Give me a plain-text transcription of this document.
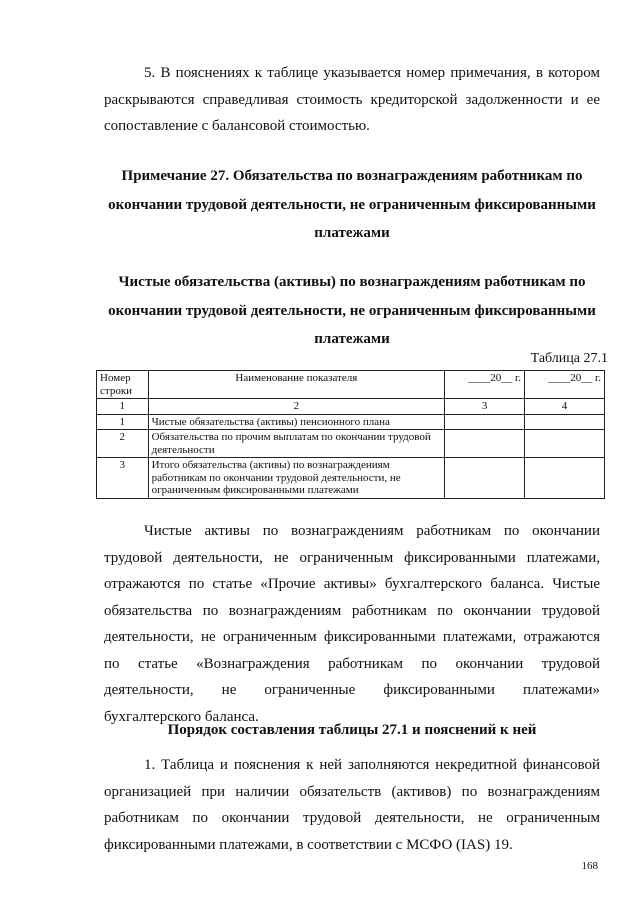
5. В пояснениях к таблице указывается номер примечания, в котором раскрываются справедливая стоимость кредиторской задолженности и ее сопоставление с балансовой стоимостью.

Примечание 27. Обязательства по вознаграждениям работникам по окончании трудовой деятельности, не ограниченным фиксированными платежами

Чистые обязательства (активы) по вознаграждениям работникам по окончании трудовой деятельности, не ограниченным фиксированными платежами

Таблица 27.1
Номер строки	Наименование показателя	____20__ г.	____20__ г.
1	2	3	4
1	Чистые обязательства (активы) пенсионного плана		
2	Обязательства по прочим выплатам по окончании трудовой деятельности		
3	Итого обязательства (активы) по вознаграждениям работникам по окончании трудовой деятельности, не ограниченным фиксированными платежами		

Чистые активы по вознаграждениям работникам по окончании трудовой деятельности, не ограниченным фиксированными платежами, отражаются по статье «Прочие активы» бухгалтерского баланса. Чистые обязательства по вознаграждениям работникам по окончании трудовой деятельности, не ограниченным фиксированными платежами, отражаются по статье «Вознаграждения работникам по окончании трудовой деятельности, не ограниченные фиксированными платежами» бухгалтерского баланса.

Порядок составления таблицы 27.1 и пояснений к ней

1. Таблица и пояснения к ней заполняются некредитной финансовой организацией при наличии обязательств (активов) по вознаграждениям работникам по окончании трудовой деятельности, не ограниченным фиксированными платежами, в соответствии с МСФО (IAS) 19.

168
